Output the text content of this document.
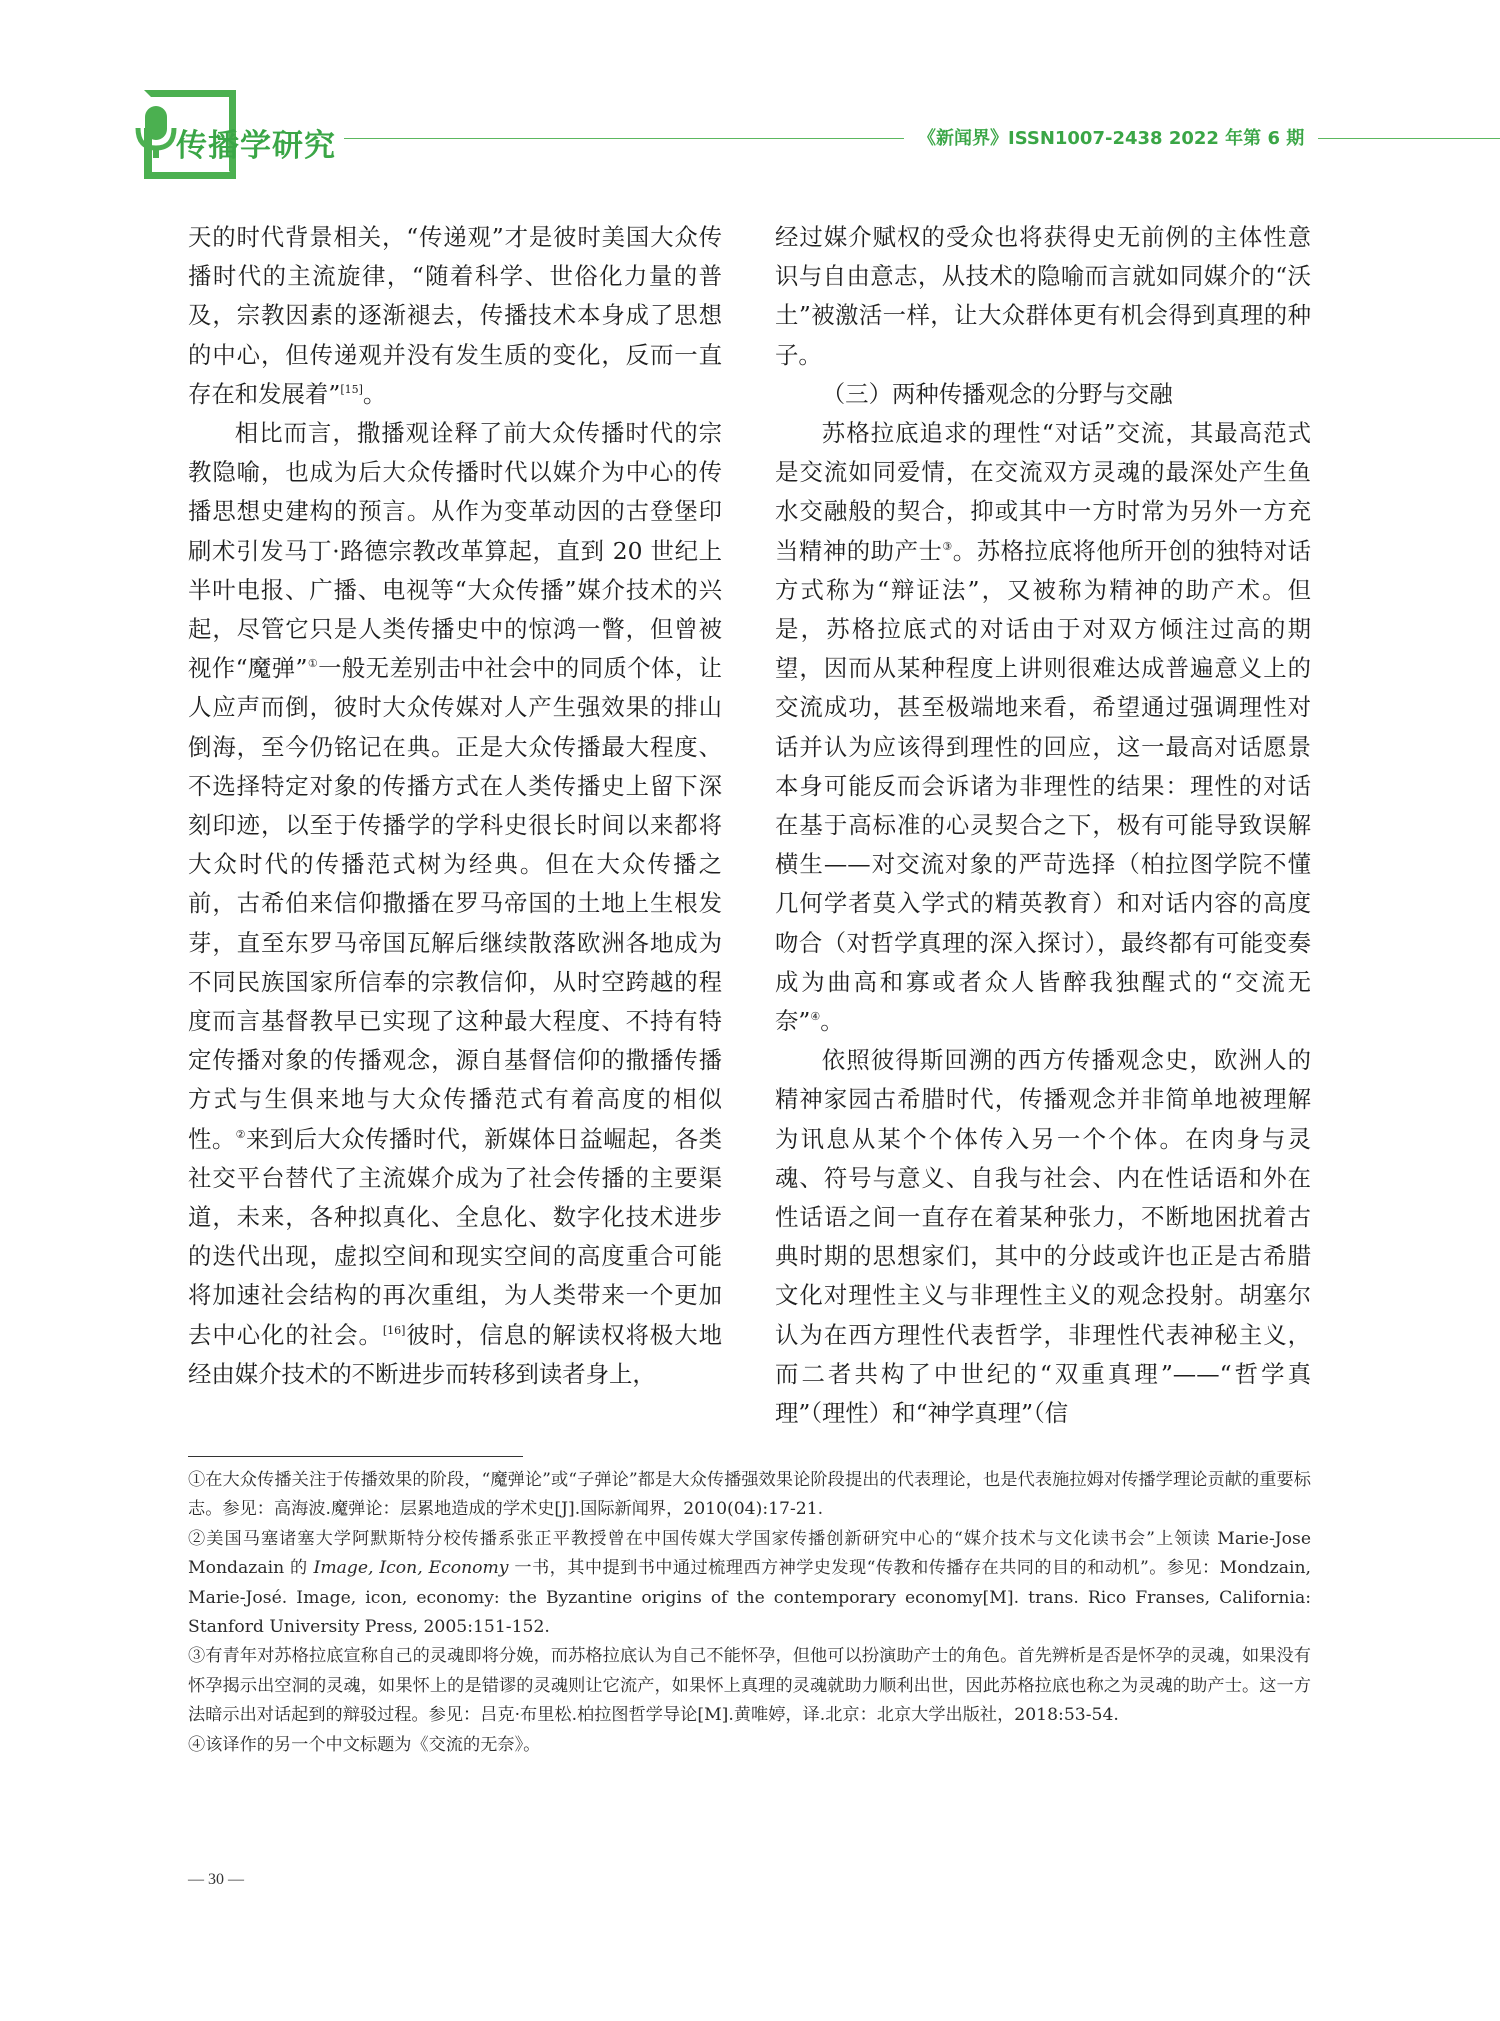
传播学研究	《新闻界》ISSN1007-2438 2022 年第 6 期

天的时代背景相关，“传递观”才是彼时美国大众传播时代的主流旋律，“随着科学、世俗化力量的普及，宗教因素的逐渐褪去，传播技术本身成了思想的中心，但传递观并没有发生质的变化，反而一直存在和发展着”[15]。

相比而言，撒播观诠释了前大众传播时代的宗教隐喻，也成为后大众传播时代以媒介为中心的传播思想史建构的预言。从作为变革动因的古登堡印刷术引发马丁·路德宗教改革算起，直到 20 世纪上半叶电报、广播、电视等“大众传播”媒介技术的兴起，尽管它只是人类传播史中的惊鸿一瞥，但曾被视作“魔弹”①一般无差别击中社会中的同质个体，让人应声而倒，彼时大众传媒对人产生强效果的排山倒海，至今仍铭记在典。正是大众传播最大程度、不选择特定对象的传播方式在人类传播史上留下深刻印迹，以至于传播学的学科史很长时间以来都将大众时代的传播范式树为经典。但在大众传播之前，古希伯来信仰撒播在罗马帝国的土地上生根发芽，直至东罗马帝国瓦解后继续散落欧洲各地成为不同民族国家所信奉的宗教信仰，从时空跨越的程度而言基督教早已实现了这种最大程度、不持有特定传播对象的传播观念，源自基督信仰的撒播传播方式与生俱来地与大众传播范式有着高度的相似性。②来到后大众传播时代，新媒体日益崛起，各类社交平台替代了主流媒介成为了社会传播的主要渠道，未来，各种拟真化、全息化、数字化技术进步的迭代出现，虚拟空间和现实空间的高度重合可能将加速社会结构的再次重组，为人类带来一个更加去中心化的社会。[16]彼时，信息的解读权将极大地经由媒介技术的不断进步而转移到读者身上，

经过媒介赋权的受众也将获得史无前例的主体性意识与自由意志，从技术的隐喻而言就如同媒介的“沃土”被激活一样，让大众群体更有机会得到真理的种子。

（三）两种传播观念的分野与交融

苏格拉底追求的理性“对话”交流，其最高范式是交流如同爱情，在交流双方灵魂的最深处产生鱼水交融般的契合，抑或其中一方时常为另外一方充当精神的助产士③。苏格拉底将他所开创的独特对话方式称为“辩证法”，又被称为精神的助产术。但是，苏格拉底式的对话由于对双方倾注过高的期望，因而从某种程度上讲则很难达成普遍意义上的交流成功，甚至极端地来看，希望通过强调理性对话并认为应该得到理性的回应，这一最高对话愿景本身可能反而会诉诸为非理性的结果：理性的对话在基于高标准的心灵契合之下，极有可能导致误解横生——对交流对象的严苛选择（柏拉图学院不懂几何学者莫入学式的精英教育）和对话内容的高度吻合（对哲学真理的深入探讨），最终都有可能变奏成为曲高和寡或者众人皆醉我独醒式的“交流无奈”④。

依照彼得斯回溯的西方传播观念史，欧洲人的精神家园古希腊时代，传播观念并非简单地被理解为讯息从某个个体传入另一个个体。在肉身与灵魂、符号与意义、自我与社会、内在性话语和外在性话语之间一直存在着某种张力，不断地困扰着古典时期的思想家们，其中的分歧或许也正是古希腊文化对理性主义与非理性主义的观念投射。胡塞尔认为在西方理性代表哲学，非理性代表神秘主义，而二者共构了中世纪的“双重真理”——“哲学真理”（理性）和“神学真理”（信

①在大众传播关注于传播效果的阶段，“魔弹论”或“子弹论”都是大众传播强效果论阶段提出的代表理论，也是代表施拉姆对传播学理论贡献的重要标志。参见：高海波.魔弹论：层累地造成的学术史[J].国际新闻界，2010(04):17-21.

②美国马塞诸塞大学阿默斯特分校传播系张正平教授曾在中国传媒大学国家传播创新研究中心的“媒介技术与文化读书会”上领读 Marie-Jose Mondazain 的 Image, Icon, Economy 一书，其中提到书中通过梳理西方神学史发现“传教和传播存在共同的目的和动机”。参见：Mondzain, Marie-José. Image, icon, economy: the Byzantine origins of the contemporary economy[M]. trans. Rico Franses, California: Stanford University Press, 2005:151-152.

③有青年对苏格拉底宣称自己的灵魂即将分娩，而苏格拉底认为自己不能怀孕，但他可以扮演助产士的角色。首先辨析是否是怀孕的灵魂，如果没有怀孕揭示出空洞的灵魂，如果怀上的是错谬的灵魂则让它流产，如果怀上真理的灵魂就助力顺利出世，因此苏格拉底也称之为灵魂的助产士。这一方法暗示出对话起到的辩驳过程。参见：吕克·布里松.柏拉图哲学导论[M].黄唯婷，译.北京：北京大学出版社，2018:53-54.

④该译作的另一个中文标题为《交流的无奈》。

— 30 —
